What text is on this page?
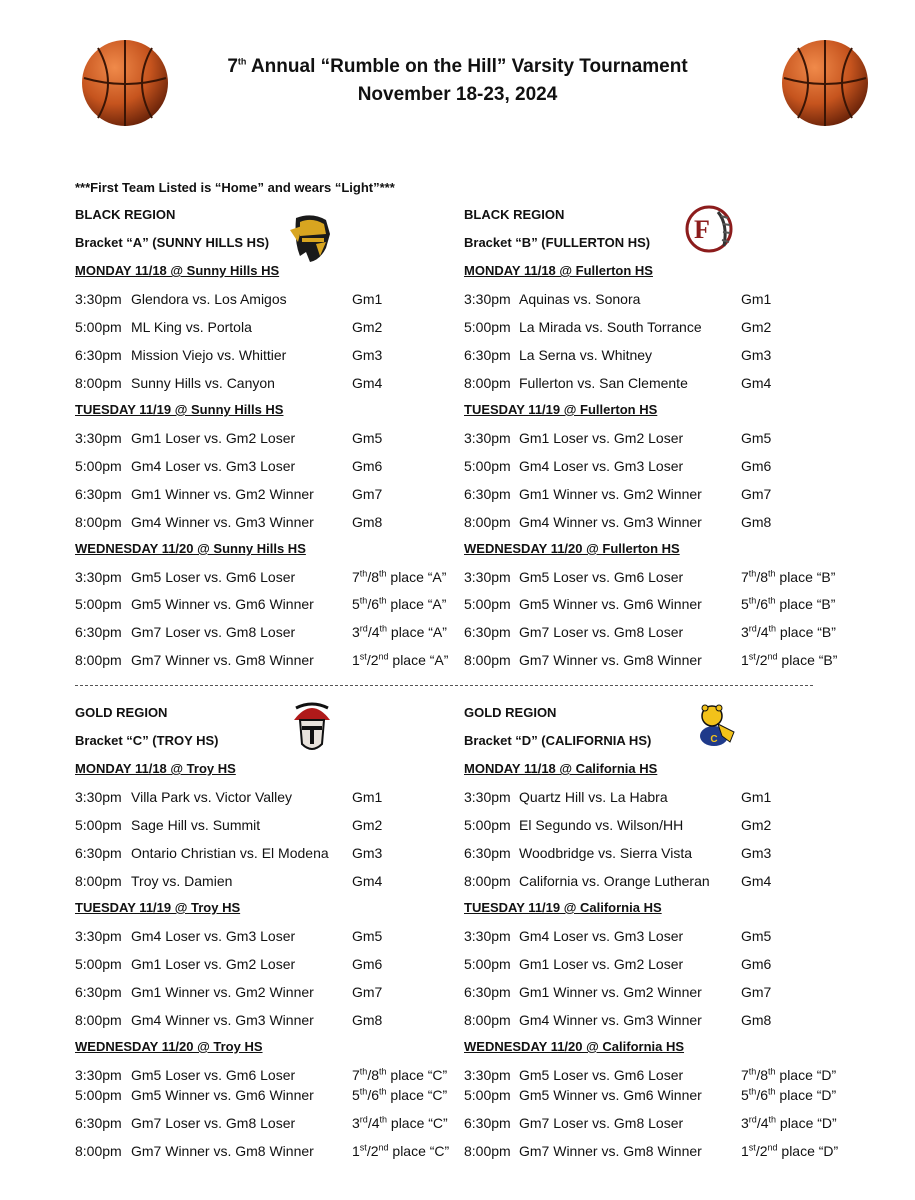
7th Annual “Rumble on the Hill” Varsity Tournament
November 18-23, 2024
***First Team Listed is “Home” and wears “Light”***
F
C
BLACK REGION
Bracket “A” (SUNNY HILLS HS)
MONDAY 11/18 @ Sunny Hills HS
3:30pm Glendora vs. Los Amigos	Gm1
5:00pm ML King vs. Portola	Gm2
6:30pm Mission Viejo vs. Whittier	Gm3
8:00pm Sunny Hills vs. Canyon	Gm4
TUESDAY 11/19 @ Sunny Hills HS
3:30pm Gm1 Loser vs. Gm2 Loser	Gm5
5:00pm Gm4 Loser vs. Gm3 Loser	Gm6
6:30pm Gm1 Winner vs. Gm2 Winner	Gm7
8:00pm Gm4 Winner vs. Gm3 Winner	Gm8
WEDNESDAY 11/20 @ Sunny Hills HS
3:30pm Gm5 Loser vs. Gm6 Loser	7th/8th place “A”
5:00pm Gm5 Winner vs. Gm6 Winner	5th/6th place “A”
6:30pm Gm7 Loser vs. Gm8 Loser	3rd/4th place “A”
8:00pm Gm7 Winner vs. Gm8 Winner	1st/2nd place “A”
BLACK REGION
Bracket “B” (FULLERTON HS)
MONDAY 11/18 @ Fullerton HS
3:30pm Aquinas vs. Sonora	Gm1
5:00pm La Mirada vs. South Torrance	Gm2
6:30pm La Serna vs. Whitney	Gm3
8:00pm Fullerton vs. San Clemente	Gm4
TUESDAY 11/19 @ Fullerton HS
3:30pm Gm1 Loser vs. Gm2 Loser	Gm5
5:00pm Gm4 Loser vs. Gm3 Loser	Gm6
6:30pm Gm1 Winner vs. Gm2 Winner	Gm7
8:00pm Gm4 Winner vs. Gm3 Winner	Gm8
WEDNESDAY 11/20 @ Fullerton HS
3:30pm Gm5 Loser vs. Gm6 Loser	7th/8th place “B”
5:00pm Gm5 Winner vs. Gm6 Winner	5th/6th place “B”
6:30pm Gm7 Loser vs. Gm8 Loser	3rd/4th place “B”
8:00pm Gm7 Winner vs. Gm8 Winner	1st/2nd place “B”
GOLD REGION
Bracket “C” (TROY HS)
MONDAY 11/18 @ Troy HS
3:30pm Villa Park vs. Victor Valley	Gm1
5:00pm Sage Hill vs. Summit	Gm2
6:30pm Ontario Christian vs. El Modena Gm3
8:00pm Troy vs. Damien	Gm4
TUESDAY 11/19 @ Troy HS
3:30pm Gm4 Loser vs. Gm3 Loser	Gm5
5:00pm Gm1 Loser vs. Gm2 Loser	Gm6
6:30pm Gm1 Winner vs. Gm2 Winner	Gm7
8:00pm Gm4 Winner vs. Gm3 Winner	Gm8
WEDNESDAY 11/20 @ Troy HS
3:30pm Gm5 Loser vs. Gm6 Loser	7th/8th place “C”
5:00pm Gm5 Winner vs. Gm6 Winner	5th/6th place “C”
6:30pm Gm7 Loser vs. Gm8 Loser	3rd/4th place “C”
8:00pm Gm7 Winner vs. Gm8 Winner	1st/2nd place “C”
GOLD REGION
Bracket “D” (CALIFORNIA HS)
MONDAY 11/18 @ California HS
3:30pm Quartz Hill vs. La Habra	Gm1
5:00pm El Segundo vs. Wilson/HH	Gm2
6:30pm Woodbridge vs. Sierra Vista	Gm3
8:00pm California vs. Orange Lutheran Gm4
TUESDAY 11/19 @ California HS
3:30pm Gm4 Loser vs. Gm3 Loser	Gm5
5:00pm Gm1 Loser vs. Gm2 Loser	Gm6
6:30pm Gm1 Winner vs. Gm2 Winner	Gm7
8:00pm Gm4 Winner vs. Gm3 Winner	Gm8
WEDNESDAY 11/20 @ California HS
3:30pm Gm5 Loser vs. Gm6 Loser	7th/8th place “D”
5:00pm Gm5 Winner vs. Gm6 Winner	5th/6th place “D”
6:30pm Gm7 Loser vs. Gm8 Loser	3rd/4th place “D”
8:00pm Gm7 Winner vs. Gm8 Winner	1st/2nd place “D”
